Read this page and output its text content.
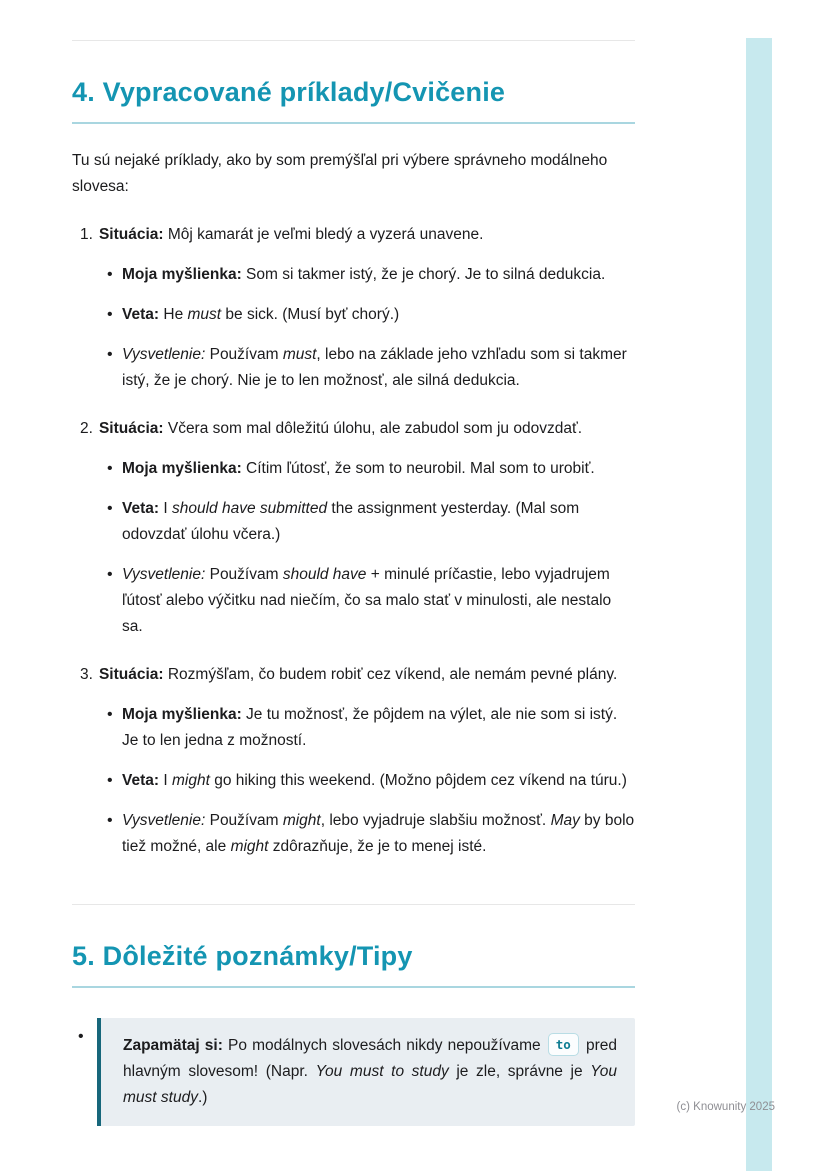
4. Vypracované príklady/Cvičenie

Tu sú nejaké príklady, ako by som premýšľal pri výbere správneho modálneho slovesa:

1. Situácia: Môj kamarát je veľmi bledý a vyzerá unavene.
• Moja myšlienka: Som si takmer istý, že je chorý. Je to silná dedukcia.
• Veta: He must be sick. (Musí byť chorý.)
• Vysvetlenie: Používam must, lebo na základe jeho vzhľadu som si takmer istý, že je chorý. Nie je to len možnosť, ale silná dedukcia.
2. Situácia: Včera som mal dôležitú úlohu, ale zabudol som ju odovzdať.
• Moja myšlienka: Cítim ľútosť, že som to neurobil. Mal som to urobiť.
• Veta: I should have submitted the assignment yesterday. (Mal som odovzdať úlohu včera.)
• Vysvetlenie: Používam should have + minulé príčastie, lebo vyjadrujem ľútosť alebo výčitku nad niečím, čo sa malo stať v minulosti, ale nestalo sa.
3. Situácia: Rozmýšľam, čo budem robiť cez víkend, ale nemám pevné plány.
• Moja myšlienka: Je tu možnosť, že pôjdem na výlet, ale nie som si istý. Je to len jedna z možností.
• Veta: I might go hiking this weekend. (Možno pôjdem cez víkend na túru.)
• Vysvetlenie: Používam might, lebo vyjadruje slabšiu možnosť. May by bolo tiež možné, ale might zdôrazňuje, že je to menej isté.
5. Dôležité poznámky/Tipy
•

Zapamätaj si: Po modálnych slovesách nikdy nepoužívame to pred hlavným slovesom! (Napr. You must to study je zle, správne je You must study.)

(c) Knowunity 2025
